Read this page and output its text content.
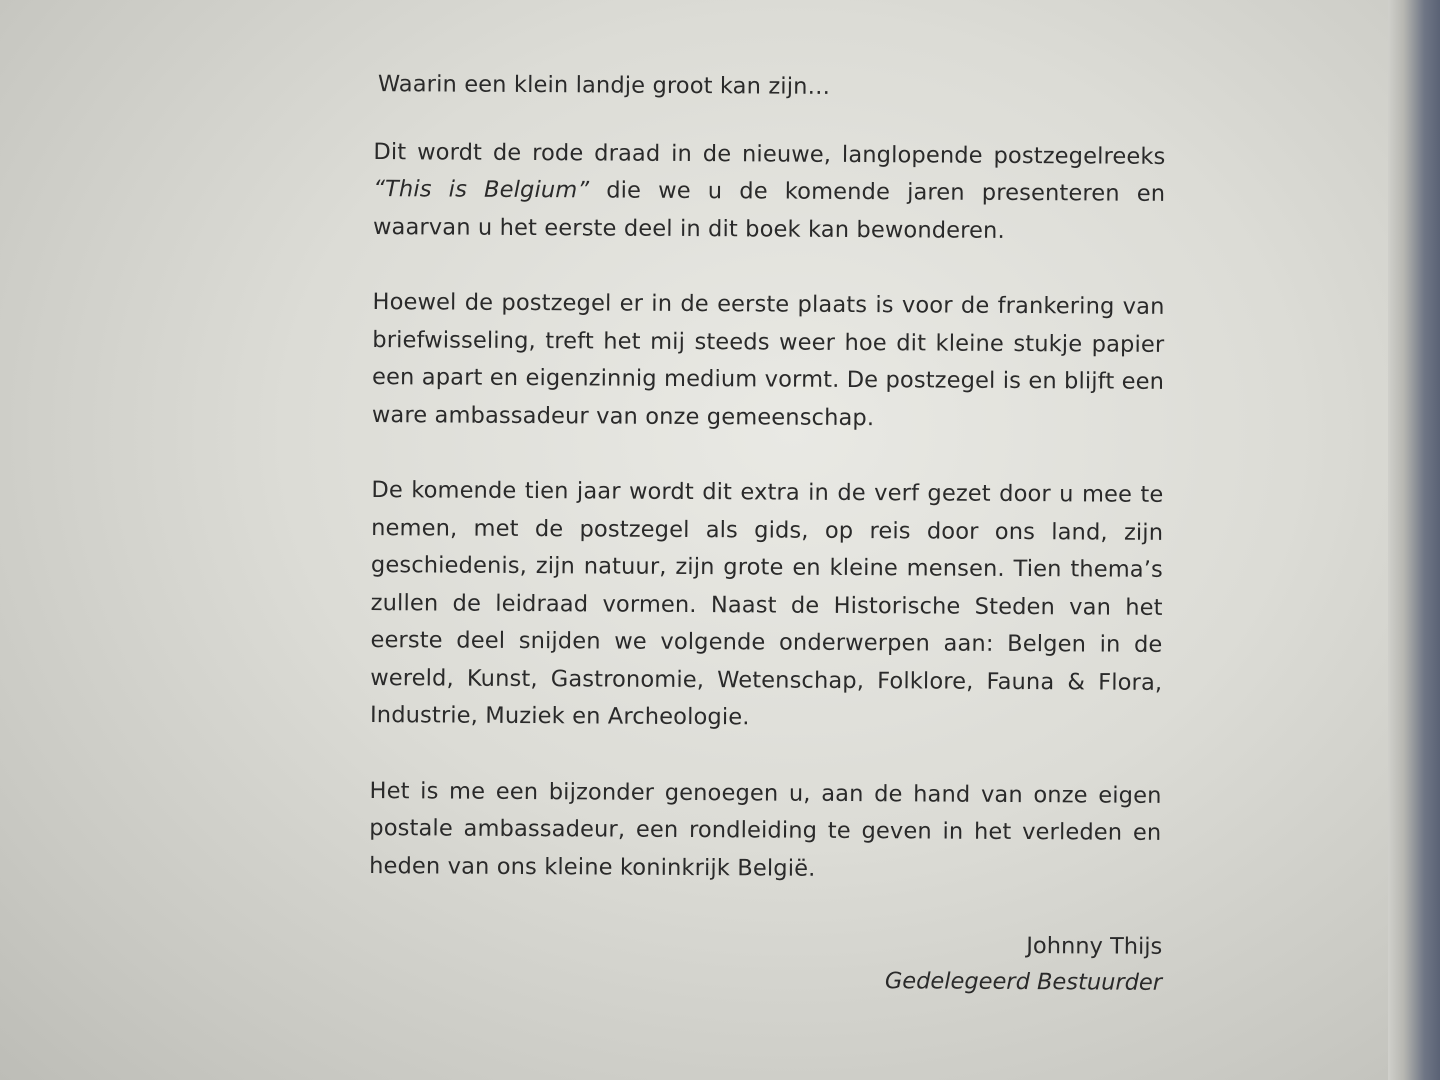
Waarin een klein landje groot kan zijn…

Dit wordt de rode draad in de nieuwe, langlopende postzegelreeks “This is Belgium” die we u de komende jaren presenteren en waarvan u het eerste deel in dit boek kan bewonderen.

Hoewel de postzegel er in de eerste plaats is voor de frankering van briefwisseling, treft het mij steeds weer hoe dit kleine stukje papier een apart en eigenzinnig medium vormt. De postzegel is en blijft een ware ambassadeur van onze gemeenschap.

De komende tien jaar wordt dit extra in de verf gezet door u mee te nemen, met de postzegel als gids, op reis door ons land, zijn geschiedenis, zijn natuur, zijn grote en kleine mensen. Tien thema’s zullen de leidraad vormen. Naast de Historische Steden van het eerste deel snijden we volgende onderwerpen aan: Belgen in de wereld, Kunst, Gastronomie, Wetenschap, Folklore, Fauna & Flora, Industrie, Muziek en Archeologie.

Het is me een bijzonder genoegen u, aan de hand van onze eigen postale ambassadeur, een rondleiding te geven in het verleden en heden van ons kleine koninkrijk België.

Johnny Thijs
Gedelegeerd Bestuurder
